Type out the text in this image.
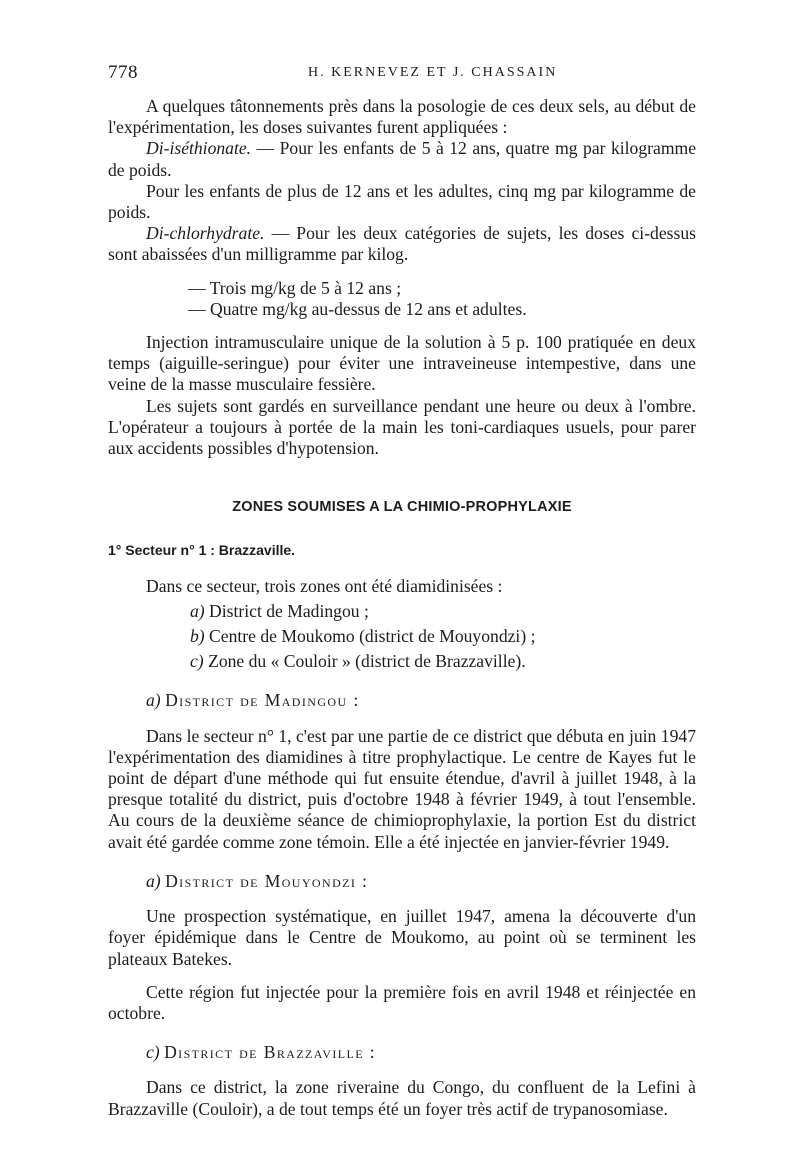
778	H. KERNEVEZ ET J. CHASSAIN

A quelques tâtonnements près dans la posologie de ces deux sels, au début de l'expérimentation, les doses suivantes furent appliquées :

Di-iséthionate. — Pour les enfants de 5 à 12 ans, quatre mg par kilogramme de poids.

Pour les enfants de plus de 12 ans et les adultes, cinq mg par kilogramme de poids.

Di-chlorhydrate. — Pour les deux catégories de sujets, les doses ci-dessus sont abaissées d'un milligramme par kilog.

— Trois mg/kg de 5 à 12 ans ;

— Quatre mg/kg au-dessus de 12 ans et adultes.

Injection intramusculaire unique de la solution à 5 p. 100 pratiquée en deux temps (aiguille-seringue) pour éviter une intraveineuse intempestive, dans une veine de la masse musculaire fessière.

Les sujets sont gardés en surveillance pendant une heure ou deux à l'ombre. L'opérateur a toujours à portée de la main les toni-cardiaques usuels, pour parer aux accidents possibles d'hypotension.

ZONES SOUMISES A LA CHIMIO-PROPHYLAXIE

1° Secteur n° 1 : Brazzaville.

Dans ce secteur, trois zones ont été diamidinisées :

a) District de Madingou ;

b) Centre de Moukomo (district de Mouyondzi) ;

c) Zone du « Couloir » (district de Brazzaville).

a) District de Madingou :

Dans le secteur n° 1, c'est par une partie de ce district que débuta en juin 1947 l'expérimentation des diamidines à titre prophylactique. Le centre de Kayes fut le point de départ d'une méthode qui fut ensuite étendue, d'avril à juillet 1948, à la presque totalité du district, puis d'octobre 1948 à février 1949, à tout l'ensemble. Au cours de la deuxième séance de chimioprophylaxie, la portion Est du district avait été gardée comme zone témoin. Elle a été injectée en janvier-février 1949.

a) District de Mouyondzi :

Une prospection systématique, en juillet 1947, amena la découverte d'un foyer épidémique dans le Centre de Moukomo, au point où se terminent les plateaux Batekes.

Cette région fut injectée pour la première fois en avril 1948 et réinjectée en octobre.

c) District de Brazzaville :

Dans ce district, la zone riveraine du Congo, du confluent de la Lefini à Brazzaville (Couloir), a de tout temps été un foyer très actif de trypanosomiase.
